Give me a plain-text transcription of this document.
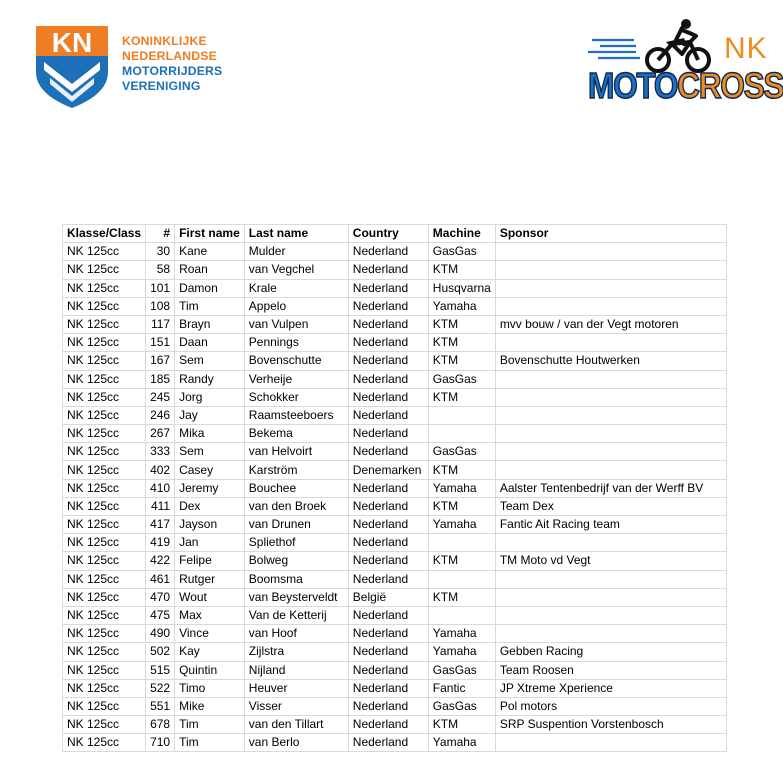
KN KONINKLIJKE
NEDERLANDSE
MOTORRIJDERS
VERENIGING
NK
MOTOCROSS
Klasse/Class	#	First name	Last name	Country	Machine	Sponsor
NK 125cc	30	Kane	Mulder	Nederland	GasGas	
NK 125cc	58	Roan	van Vegchel	Nederland	KTM	
NK 125cc	101	Damon	Krale	Nederland	Husqvarna	
NK 125cc	108	Tim	Appelo	Nederland	Yamaha	
NK 125cc	117	Brayn	van Vulpen	Nederland	KTM	mvv bouw / van der Vegt motoren
NK 125cc	151	Daan	Pennings	Nederland	KTM	
NK 125cc	167	Sem	Bovenschutte	Nederland	KTM	Bovenschutte Houtwerken
NK 125cc	185	Randy	Verheije	Nederland	GasGas	
NK 125cc	245	Jorg	Schokker	Nederland	KTM	
NK 125cc	246	Jay	Raamsteeboers	Nederland		
NK 125cc	267	Mika	Bekema	Nederland		
NK 125cc	333	Sem	van Helvoirt	Nederland	GasGas	
NK 125cc	402	Casey	Karström	Denemarken	KTM	
NK 125cc	410	Jeremy	Bouchee	Nederland	Yamaha	Aalster Tentenbedrijf van der Werff BV
NK 125cc	411	Dex	van den Broek	Nederland	KTM	Team Dex
NK 125cc	417	Jayson	van Drunen	Nederland	Yamaha	Fantic Ait Racing team
NK 125cc	419	Jan	Spliethof	Nederland		
NK 125cc	422	Felipe	Bolweg	Nederland	KTM	TM Moto vd Vegt
NK 125cc	461	Rutger	Boomsma	Nederland		
NK 125cc	470	Wout	van Beysterveldt	België	KTM	
NK 125cc	475	Max	Van de Ketterij	Nederland		
NK 125cc	490	Vince	van Hoof	Nederland	Yamaha	
NK 125cc	502	Kay	Zijlstra	Nederland	Yamaha	Gebben Racing
NK 125cc	515	Quintin	Nijland	Nederland	GasGas	Team Roosen
NK 125cc	522	Timo	Heuver	Nederland	Fantic	JP Xtreme Xperience
NK 125cc	551	Mike	Visser	Nederland	GasGas	Pol motors
NK 125cc	678	Tim	van den Tillart	Nederland	KTM	SRP Suspention Vorstenbosch
NK 125cc	710	Tim	van Berlo	Nederland	Yamaha	
